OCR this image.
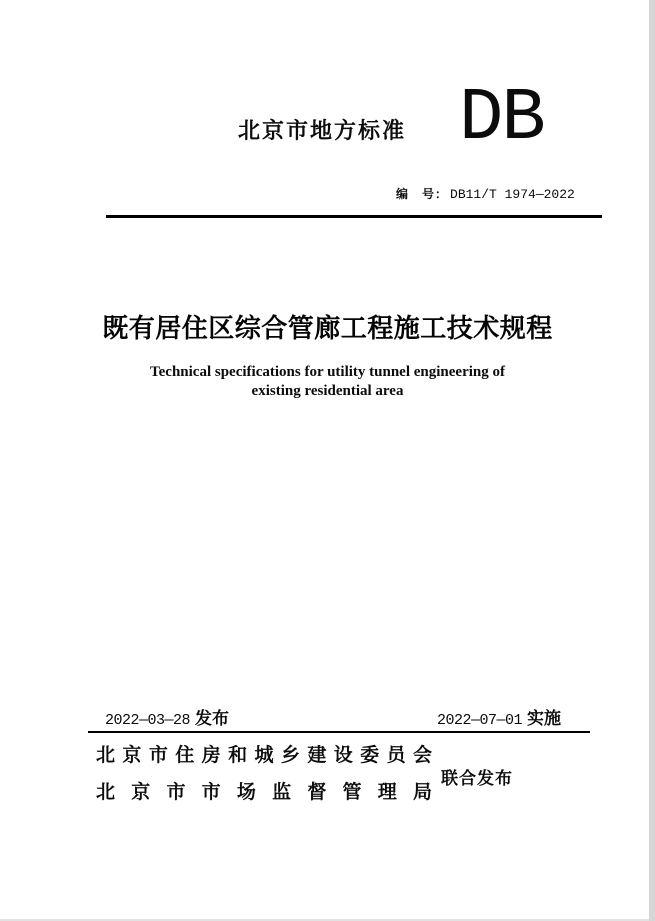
北京市地方标准 DB
编　号： DB11/T 1974—2022
既有居住区综合管廊工程施工技术规程
Technical specifications for utility tunnel engineering of
existing residential area
2022—03—28 发布	2022—07—01 实施
北京市住房和城乡建设委员会
北京市市场监督管理局
联合发布
